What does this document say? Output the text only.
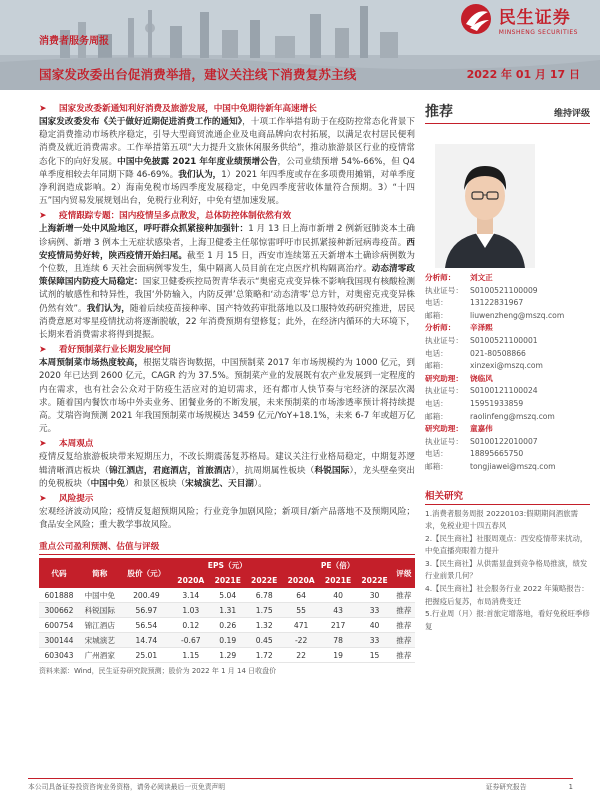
消费者服务周报
国家发改委出台促消费举措，建议关注线下消费复苏主线	2022 年 01 月 17 日
民生证券
MINSHENG SECURITIES
➤	国家发改委新通知利好消费及旅游发展，中国中免期待新年高速增长
国家发改委发布《关于做好近期促进消费工作的通知》，十项工作举措有助于在疫防控常态化背景下稳定消费推动市场秩序稳定，引导大型商贸流通企业及电商品牌向农村拓展，以满足农村居民便利消费及就近消费需求。工作举措第五项“大力提升文旅休闲服务供给”，推动旅游景区行业的疫情常态化下的向好发展。中国中免披露 2021 年年度业绩预增公告，公司业绩预增 54%-66%，但 Q4 单季度相较去年同期下降 46-69%。我们认为，1）2021 年四季度或存在多项费用摊销，对单季度净利润造成影响。2）海南免税市场四季度发展稳定，中免四季度营收体量符合预期。3）“十四五”国内贸易发展规划出台，免税行业利好，中免有望加速发展。
➤	疫情跟踪专题：国内疫情呈多点散发，总体防控体制依然有效
上海新增一处中风险地区，呼吁群众抓紧接种加强针：1 月 13 日上海市新增 2 例新冠肺炎本土确诊病例、新增 3 例本土无症状感染者，上海卫健委主任邬惊雷呼吁市民抓紧接种新冠病毒疫苗。西安疫情局势好转，陕西疫情开始扫尾。截至 1 月 15 日，西安市连续第五天新增本土确诊病例数为个位数，且连续 6 天社会面病例零发生，集中隔离人员目前在定点医疗机构隔离治疗。动态清零政策保障国内防疫大局稳定：国家卫健委疾控局贺青华表示“奥密克戎变异株不影响我国现有核酸检测试剂的敏感性和特异性，我国‘外防输入，内防反弹’总策略和‘动态清零’总方针，对奥密克戎变异株仍然有效”。我们认为，随着后续疫苗接种率、国产特效药审批落地以及口服特效药研究推进，居民消费意愿对零星疫情扰动将逐渐脱敏，22 年消费预期有望修复；此外，在经济内循环的大环境下，长期来看消费需求将得到提振。
➤	看好预制菜行业长期发展空间
本周预制菜市场热度较高，根据艾瑞咨询数据，中国预制菜 2017 年市场规模约为 1000 亿元，到 2020 年已达到 2600 亿元，CAGR 约为 37.5%。预制菜产业的发展既有农产业发展到一定程度的内在需求，也有社会公众对于防疫生活应对的迫切需求，还有都市人快节奏与宅经济的深层次渴求。随着国内餐饮市场中外卖业务、团餐业务的不断发展，未来预制菜的市场渗透率预计将持续提高。艾瑞咨询预测 2021 年我国预制菜市场规模达 3459 亿元/YoY+18.1%，未来 6-7 年或超万亿元。
➤	本周观点
疫情反复给旅游板块带来短期压力，不改长期震荡复苏格局。建议关注行业格局稳定，中期复苏逻辑清晰酒店板块（锦江酒店，君庭酒店，首旅酒店），抗周期属性板块（科锐国际），龙头壁垒突出的免税板块（中国中免）和景区板块（宋城演艺、天目湖）。
➤	风险提示
宏观经济波动风险；疫情反复超预期风险；行业竞争加剧风险；新项目/新产品落地不及预期风险；食品安全风险；重大教学事故风险。
重点公司盈利预测、估值与评级
代码	简称	股价（元）	EPS（元）			PE（倍）			评级
			2020A	2021E	2022E	2020A	2021E	2022E	
601888	中国中免	200.49	3.14	5.04	6.78	64	40	30	推荐
300662	科锐国际	56.97	1.03	1.31	1.75	55	43	33	推荐
600754	锦江酒店	56.54	0.12	0.26	1.32	471	217	40	推荐
300144	宋城演艺	14.74	-0.67	0.19	0.45	-22	78	33	推荐
603043	广州酒家	25.01	1.15	1.29	1.72	22	19	15	推荐
资料来源：Wind，民生证券研究院预测；股价为 2022 年 1 月 14 日收盘价
推荐	维持评级
分析师：	刘文正
执业证号： S0100521100009
电话：	13122831967
邮箱：	liuwenzheng@mszq.com
分析师：	辛泽熙
执业证号： S0100521100001
电话：	021-80508866
邮箱：	xinzexi@mszq.com
研究助理： 饶临风
执业证号： S0100121100024
电话：	15951933859
邮箱：	raolinfeng@mszq.com
研究助理： 童嘉伟
执业证号： S0100122010007
电话：	18895665750
邮箱：	tongjiawei@mszq.com
相关研究
1.消费者服务周报 20220103:假期期间酒旅需求，免税业迎十四五春风
2.【民生商社】社服周观点：西安疫情带来扰动，中免直播亮眼着力提升
3.【民生商社】从供需显盘到竞争格局推演，绩发行业前景几何？
4.【民生商社】社会服务行业 2022 年策略报告：把握疫后复苏，布局消费变迁
5.行业周（月）报:首旅定增落地，看好免税旺季修复
本公司具备证券投资咨询业务资格，请务必阅读最后一页免责声明	证券研究报告	1
